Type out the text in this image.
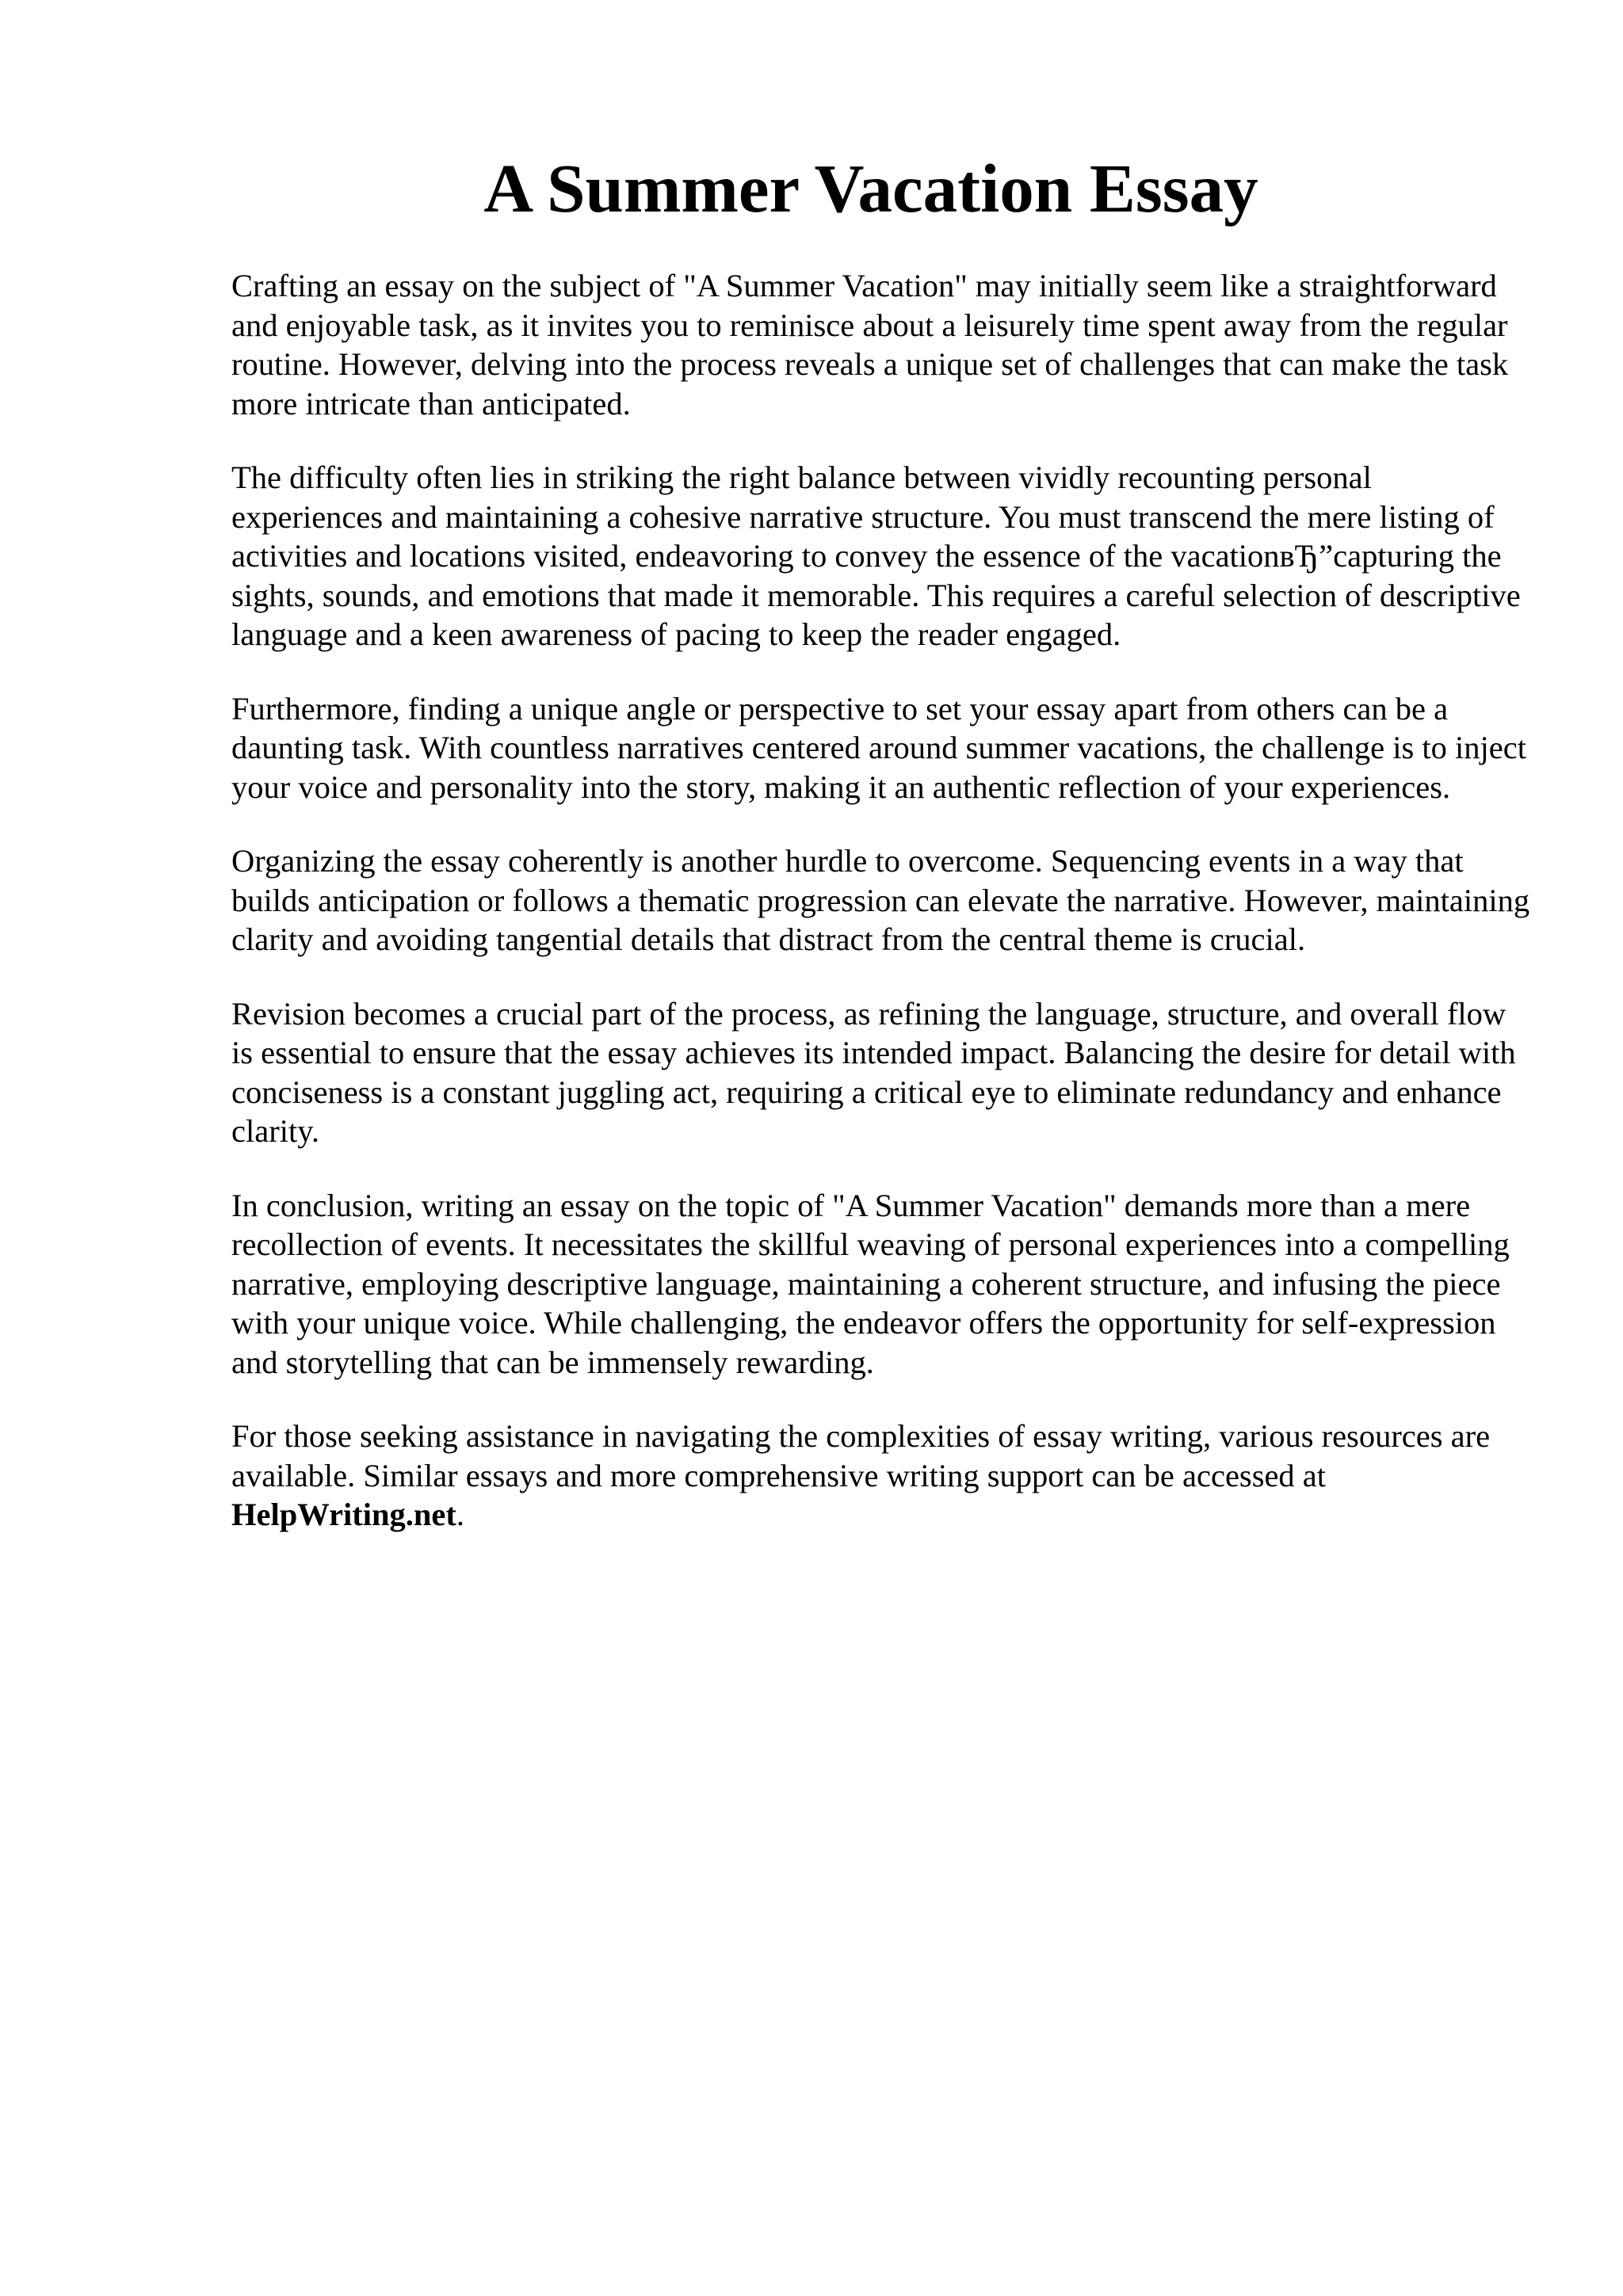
A Summer Vacation Essay

Crafting an essay on the subject of "A Summer Vacation" may initially seem like a straightforward and enjoyable task, as it invites you to reminisce about a leisurely time spent away from the regular routine. However, delving into the process reveals a unique set of challenges that can make the task more intricate than anticipated.

The difficulty often lies in striking the right balance between vividly recounting personal experiences and maintaining a cohesive narrative structure. You must transcend the mere listing of activities and locations visited, endeavoring to convey the essence of the vacationвЂ”capturing the sights, sounds, and emotions that made it memorable. This requires a careful selection of descriptive language and a keen awareness of pacing to keep the reader engaged.

Furthermore, finding a unique angle or perspective to set your essay apart from others can be a daunting task. With countless narratives centered around summer vacations, the challenge is to inject your voice and personality into the story, making it an authentic reflection of your experiences.

Organizing the essay coherently is another hurdle to overcome. Sequencing events in a way that builds anticipation or follows a thematic progression can elevate the narrative. However, maintaining clarity and avoiding tangential details that distract from the central theme is crucial.

Revision becomes a crucial part of the process, as refining the language, structure, and overall flow is essential to ensure that the essay achieves its intended impact. Balancing the desire for detail with conciseness is a constant juggling act, requiring a critical eye to eliminate redundancy and enhance clarity.

In conclusion, writing an essay on the topic of "A Summer Vacation" demands more than a mere recollection of events. It necessitates the skillful weaving of personal experiences into a compelling narrative, employing descriptive language, maintaining a coherent structure, and infusing the piece with your unique voice. While challenging, the endeavor offers the opportunity for self-expression and storytelling that can be immensely rewarding.

For those seeking assistance in navigating the complexities of essay writing, various resources are available. Similar essays and more comprehensive writing support can be accessed at
HelpWriting.net.
